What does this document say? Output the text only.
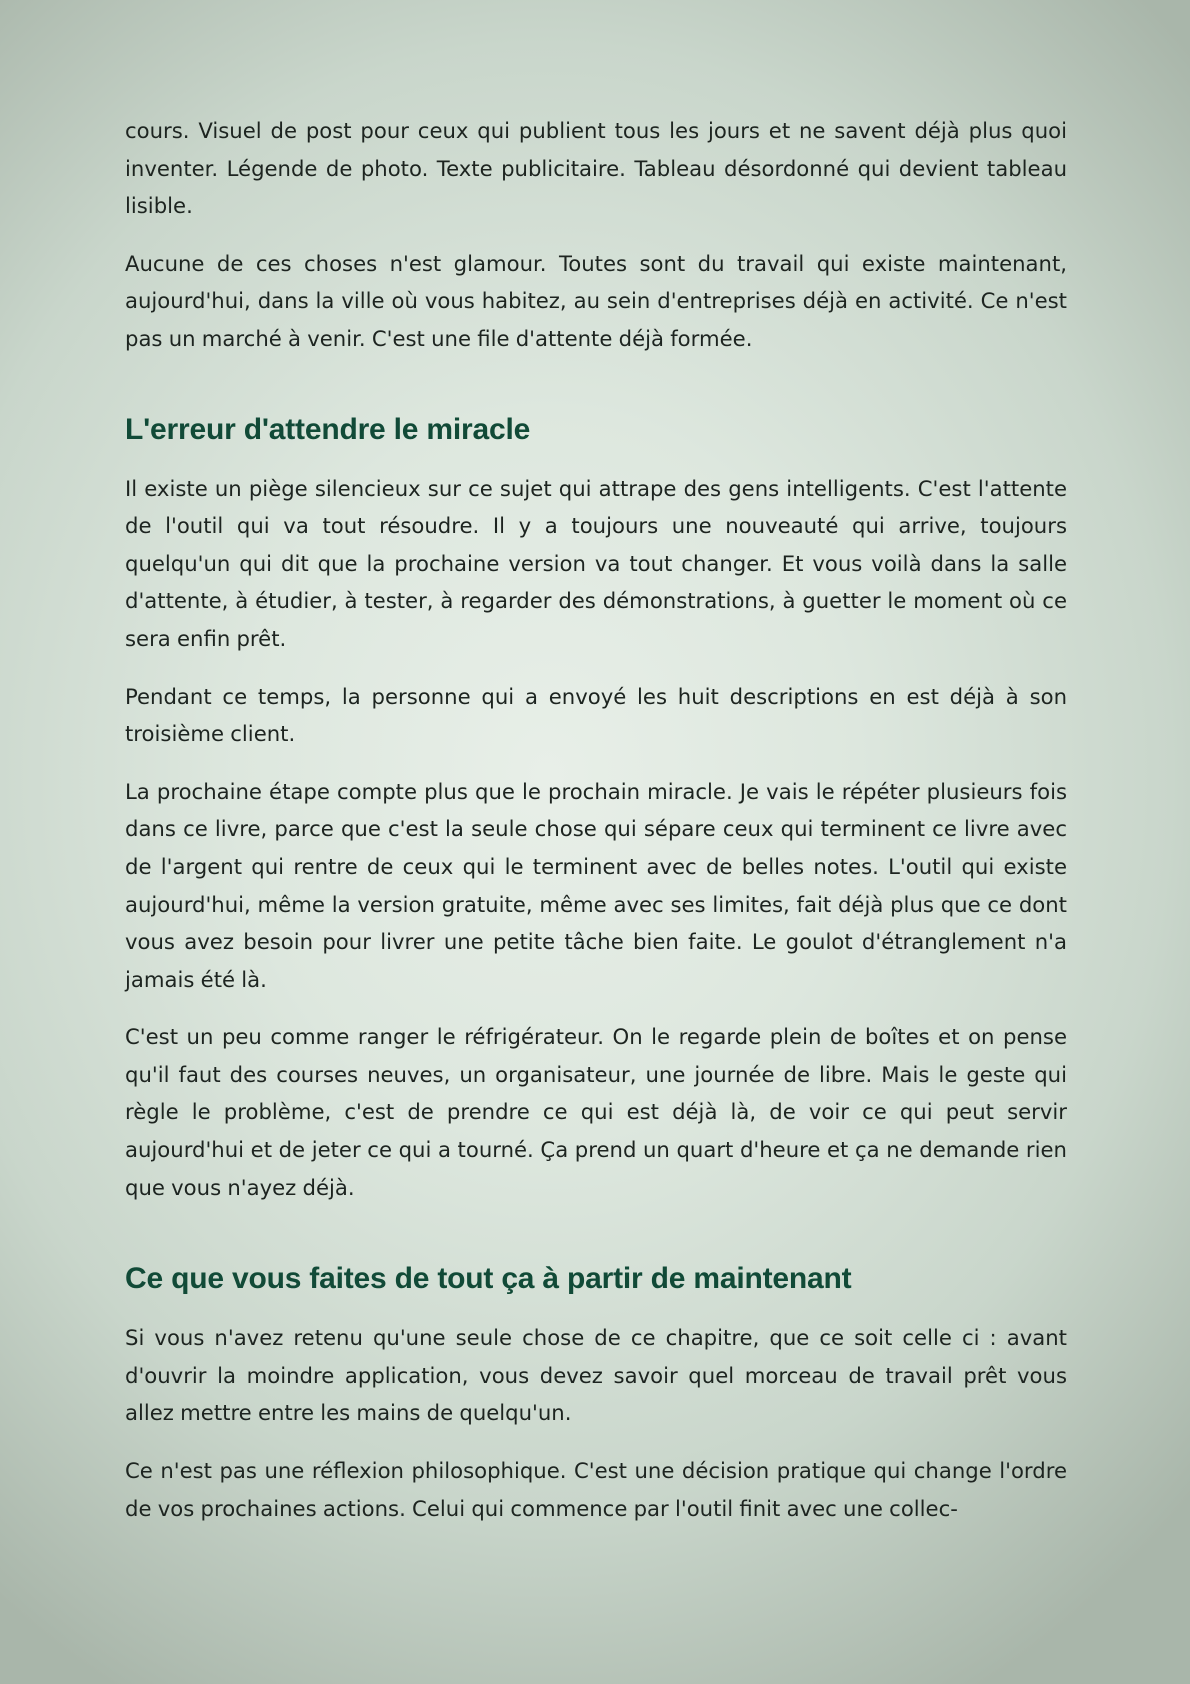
cours. Visuel de post pour ceux qui publient tous les jours et ne savent déjà plus quoi inventer. Légende de photo. Texte publicitaire. Tableau désordonné qui devient tableau lisible.

Aucune de ces choses n'est glamour. Toutes sont du travail qui existe maintenant, aujourd'hui, dans la ville où vous habitez, au sein d'entreprises déjà en activité. Ce n'est pas un marché à venir. C'est une file d'attente déjà formée.

L'erreur d'attendre le miracle

Il existe un piège silencieux sur ce sujet qui attrape des gens intelligents. C'est l'attente de l'outil qui va tout résoudre. Il y a toujours une nouveauté qui arrive, toujours quelqu'un qui dit que la prochaine version va tout changer. Et vous voilà dans la salle d'attente, à étudier, à tester, à regarder des démonstrations, à guetter le moment où ce sera enfin prêt.

Pendant ce temps, la personne qui a envoyé les huit descriptions en est déjà à son troisième client.

La prochaine étape compte plus que le prochain miracle. Je vais le répéter plusieurs fois dans ce livre, parce que c'est la seule chose qui sépare ceux qui terminent ce livre avec de l'argent qui rentre de ceux qui le terminent avec de belles notes. L'outil qui existe aujourd'hui, même la version gratuite, même avec ses limites, fait déjà plus que ce dont vous avez besoin pour livrer une petite tâche bien faite. Le goulot d'étranglement n'a jamais été là.

C'est un peu comme ranger le réfrigérateur. On le regarde plein de boîtes et on pense qu'il faut des courses neuves, un organisateur, une journée de libre. Mais le geste qui règle le problème, c'est de prendre ce qui est déjà là, de voir ce qui peut servir aujourd'hui et de jeter ce qui a tourné. Ça prend un quart d'heure et ça ne demande rien que vous n'ayez déjà.

Ce que vous faites de tout ça à partir de maintenant

Si vous n'avez retenu qu'une seule chose de ce chapitre, que ce soit celle ci : avant d'ouvrir la moindre application, vous devez savoir quel morceau de travail prêt vous allez mettre entre les mains de quelqu'un.

Ce n'est pas une réflexion philosophique. C'est une décision pratique qui change l'ordre de vos prochaines actions. Celui qui commence par l'outil finit avec une collec-
